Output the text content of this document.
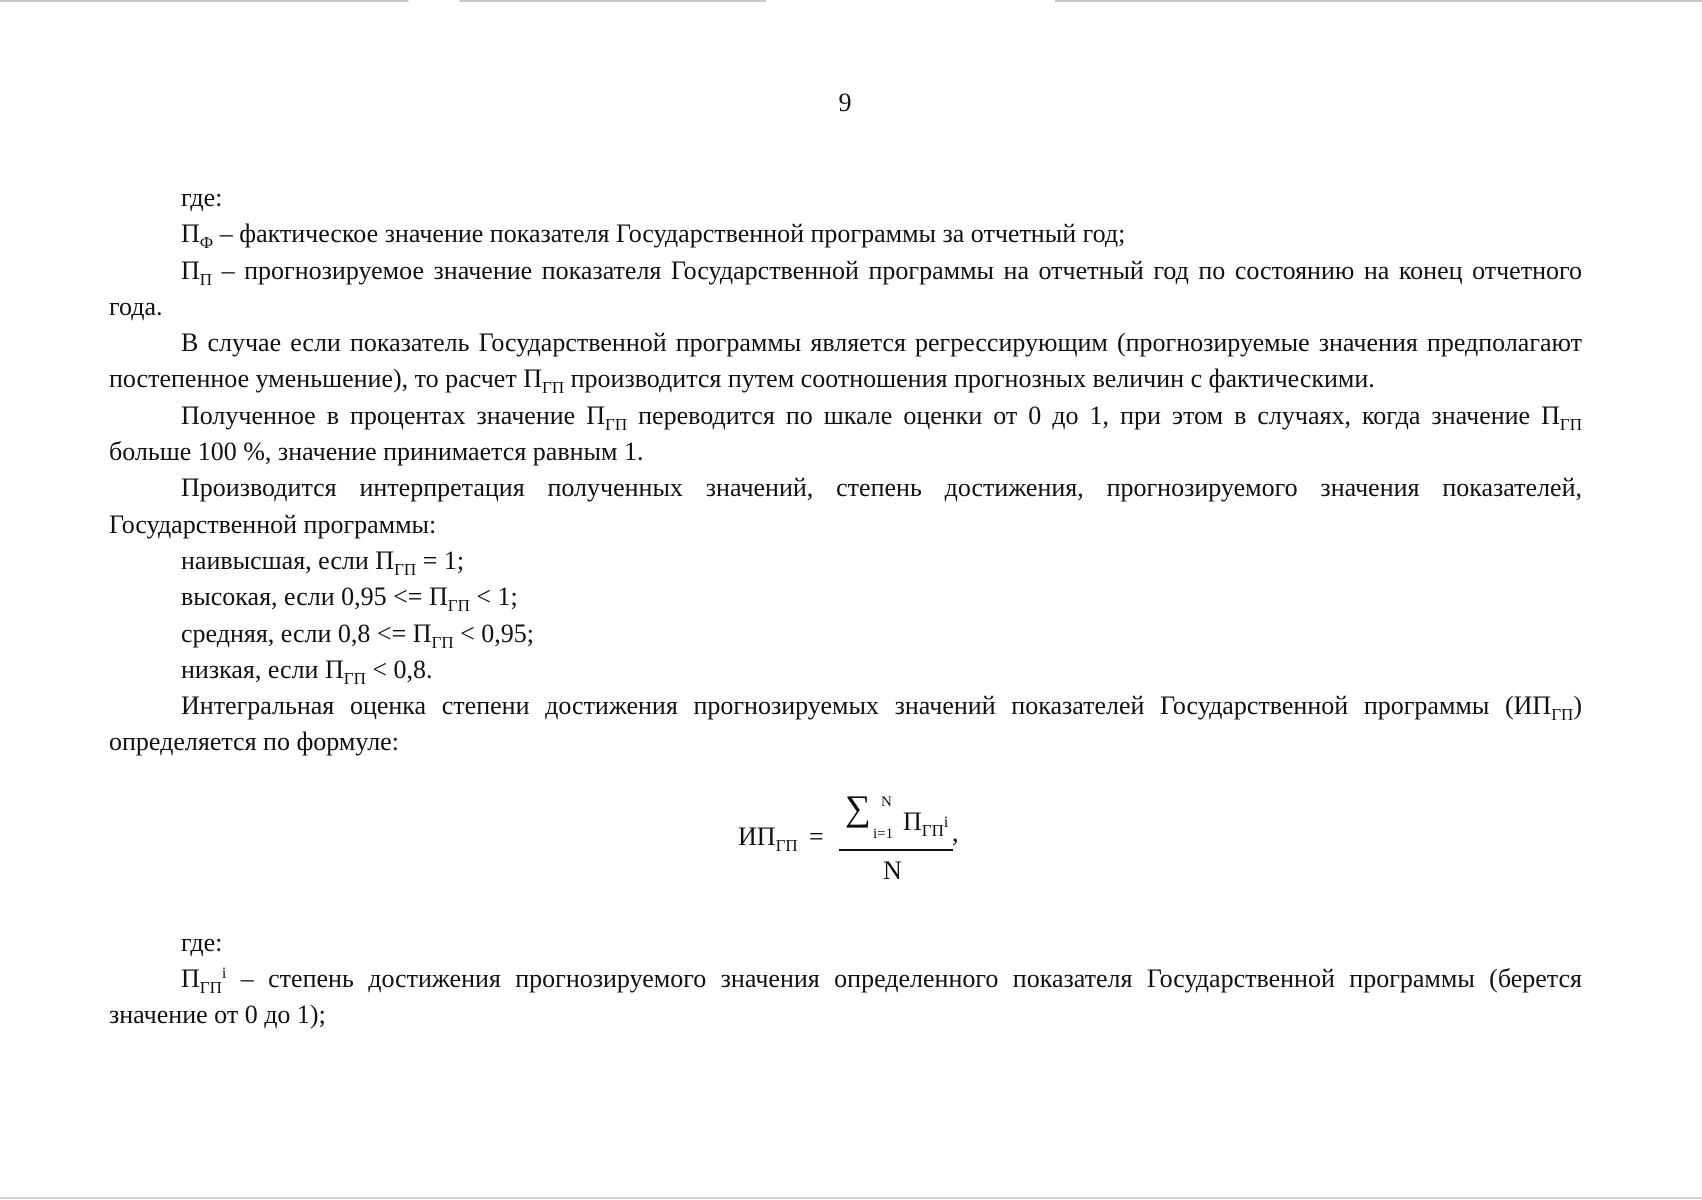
9

где:

$П_Ф$ – фактическое значение показателя Государственной программы за отчетный год;

$П_П$ – прогнозируемое значение показателя Государственной программы на отчетный год по состоянию на конец отчетного года.

В случае если показатель Государственной программы является регрессирующим (прогнозируемые значения предполагают постепенное уменьшение), то расчет $П_{ГП}$ производится путем соотношения прогнозных величин с фактическими.

Полученное в процентах значение $П_{ГП}$ переводится по шкале оценки от 0 до 1, при этом в случаях, когда значение $П_{ГП}$ больше 100 %, значение принимается равным 1.

Производится интерпретация полученных значений, степень достижения, прогнозируемого значения показателей, Государственной программы:

наивысшая, если $П_{ГП} = 1$;

высокая, если $0,95 <= П_{ГП} < 1$;

средняя, если $0,8 <= П_{ГП} < 0,95$;

низкая, если $П_{ГП} < 0,8$.

Интегральная оценка степени достижения прогнозируемых значений показателей Государственной программы $(ИП_{ГП})$ определяется по формуле:

$ИП_{ГП}$ =
∑ N
i=1 $П_{ГП^i}$
N
,

где:

$П_{ГП}^i$ – степень достижения прогнозируемого значения определенного показателя Государственной программы (берется значение от 0 до 1);
